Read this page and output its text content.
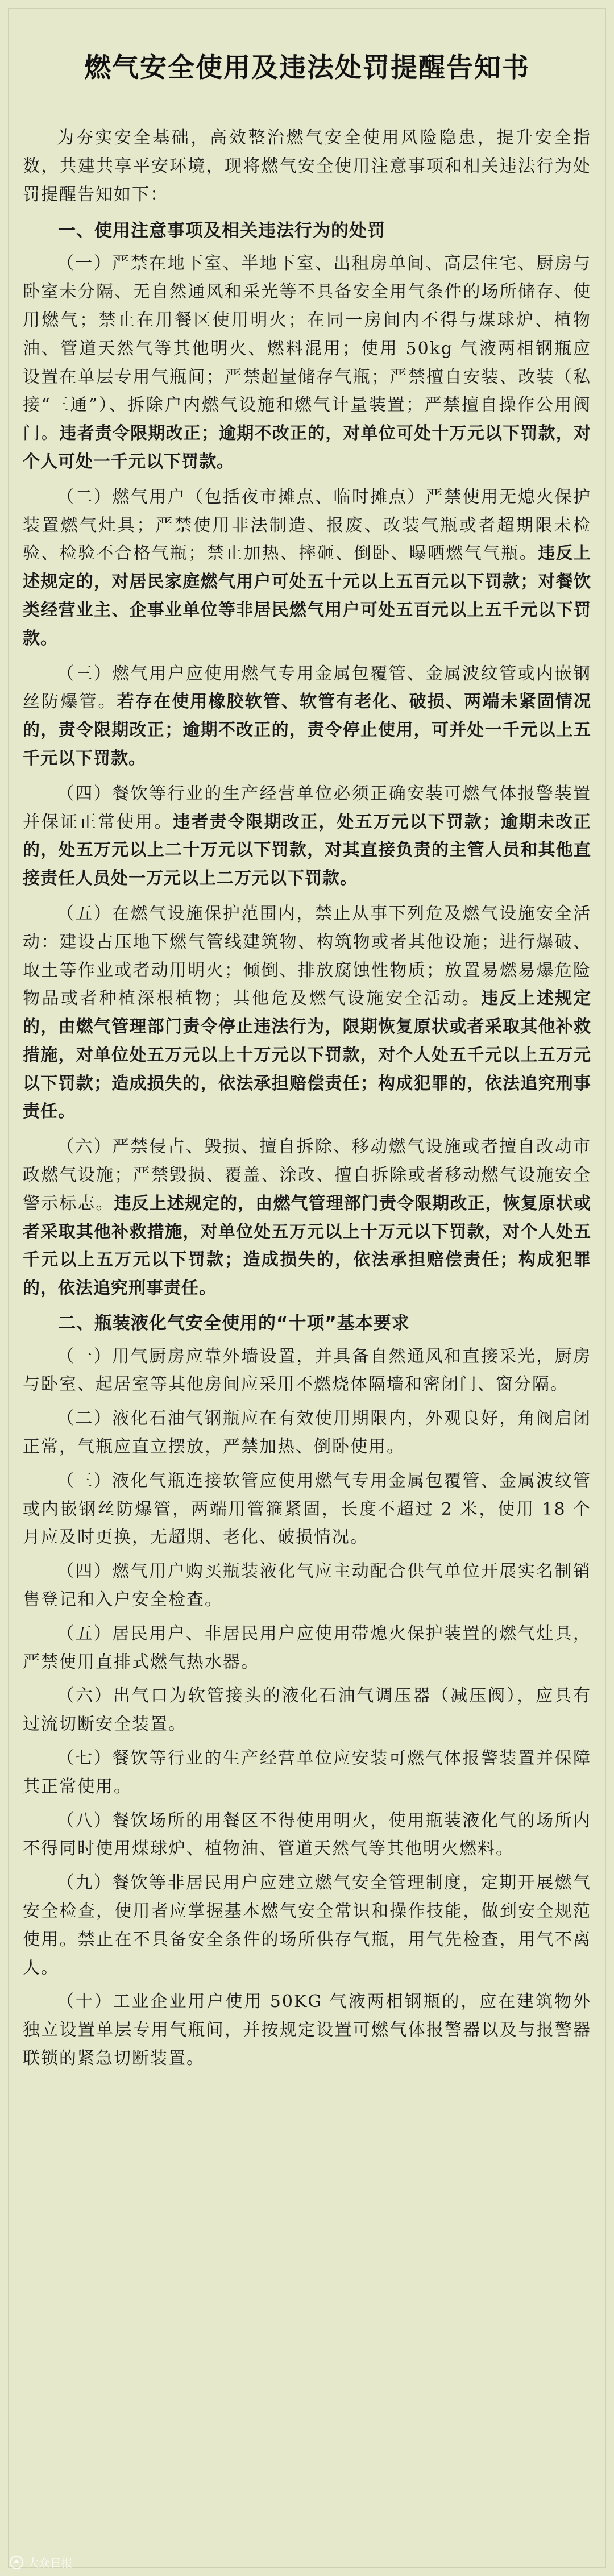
燃气安全使用及违法处罚提醒告知书

为夯实安全基础，高效整治燃气安全使用风险隐患，提升安全指数，共建共享平安环境，现将燃气安全使用注意事项和相关违法行为处罚提醒告知如下：

一、使用注意事项及相关违法行为的处罚

（一）严禁在地下室、半地下室、出租房单间、高层住宅、厨房与卧室未分隔、无自然通风和采光等不具备安全用气条件的场所储存、使用燃气；禁止在用餐区使用明火；在同一房间内不得与煤球炉、植物油、管道天然气等其他明火、燃料混用；使用 50kg 气液两相钢瓶应设置在单层专用气瓶间；严禁超量储存气瓶；严禁擅自安装、改装（私接“三通”）、拆除户内燃气设施和燃气计量装置；严禁擅自操作公用阀门。违者责令限期改正；逾期不改正的，对单位可处十万元以下罚款，对个人可处一千元以下罚款。

（二）燃气用户（包括夜市摊点、临时摊点）严禁使用无熄火保护装置燃气灶具；严禁使用非法制造、报废、改装气瓶或者超期限未检验、检验不合格气瓶；禁止加热、摔砸、倒卧、曝晒燃气气瓶。违反上述规定的，对居民家庭燃气用户可处五十元以上五百元以下罚款；对餐饮类经营业主、企事业单位等非居民燃气用户可处五百元以上五千元以下罚款。

（三）燃气用户应使用燃气专用金属包覆管、金属波纹管或内嵌钢丝防爆管。若存在使用橡胶软管、软管有老化、破损、两端未紧固情况的，责令限期改正；逾期不改正的，责令停止使用，可并处一千元以上五千元以下罚款。

（四）餐饮等行业的生产经营单位必须正确安装可燃气体报警装置并保证正常使用。违者责令限期改正，处五万元以下罚款；逾期未改正的，处五万元以上二十万元以下罚款，对其直接负责的主管人员和其他直接责任人员处一万元以上二万元以下罚款。

（五）在燃气设施保护范围内，禁止从事下列危及燃气设施安全活动：建设占压地下燃气管线建筑物、构筑物或者其他设施；进行爆破、取土等作业或者动用明火；倾倒、排放腐蚀性物质；放置易燃易爆危险物品或者种植深根植物；其他危及燃气设施安全活动。违反上述规定的，由燃气管理部门责令停止违法行为，限期恢复原状或者采取其他补救措施，对单位处五万元以上十万元以下罚款，对个人处五千元以上五万元以下罚款；造成损失的，依法承担赔偿责任；构成犯罪的，依法追究刑事责任。

（六）严禁侵占、毁损、擅自拆除、移动燃气设施或者擅自改动市政燃气设施；严禁毁损、覆盖、涂改、擅自拆除或者移动燃气设施安全警示标志。违反上述规定的，由燃气管理部门责令限期改正，恢复原状或者采取其他补救措施，对单位处五万元以上十万元以下罚款，对个人处五千元以上五万元以下罚款；造成损失的，依法承担赔偿责任；构成犯罪的，依法追究刑事责任。

二、瓶装液化气安全使用的“十项”基本要求

（一）用气厨房应靠外墙设置，并具备自然通风和直接采光，厨房与卧室、起居室等其他房间应采用不燃烧体隔墙和密闭门、窗分隔。

（二）液化石油气钢瓶应在有效使用期限内，外观良好，角阀启闭正常，气瓶应直立摆放，严禁加热、倒卧使用。

（三）液化气瓶连接软管应使用燃气专用金属包覆管、金属波纹管或内嵌钢丝防爆管，两端用管箍紧固，长度不超过 2 米，使用 18 个月应及时更换，无超期、老化、破损情况。

（四）燃气用户购买瓶装液化气应主动配合供气单位开展实名制销售登记和入户安全检查。

（五）居民用户、非居民用户应使用带熄火保护装置的燃气灶具，严禁使用直排式燃气热水器。

（六）出气口为软管接头的液化石油气调压器（减压阀），应具有过流切断安全装置。

（七）餐饮等行业的生产经营单位应安装可燃气体报警装置并保障其正常使用。

（八）餐饮场所的用餐区不得使用明火，使用瓶装液化气的场所内不得同时使用煤球炉、植物油、管道天然气等其他明火燃料。

（九）餐饮等非居民用户应建立燃气安全管理制度，定期开展燃气安全检查，使用者应掌握基本燃气安全常识和操作技能，做到安全规范使用。禁止在不具备安全条件的场所供存气瓶，用气先检查，用气不离人。

（十）工业企业用户使用 50KG 气液两相钢瓶的，应在建筑物外独立设置单层专用气瓶间，并按规定设置可燃气体报警器以及与报警器联锁的紧急切断装置。

大众日报
